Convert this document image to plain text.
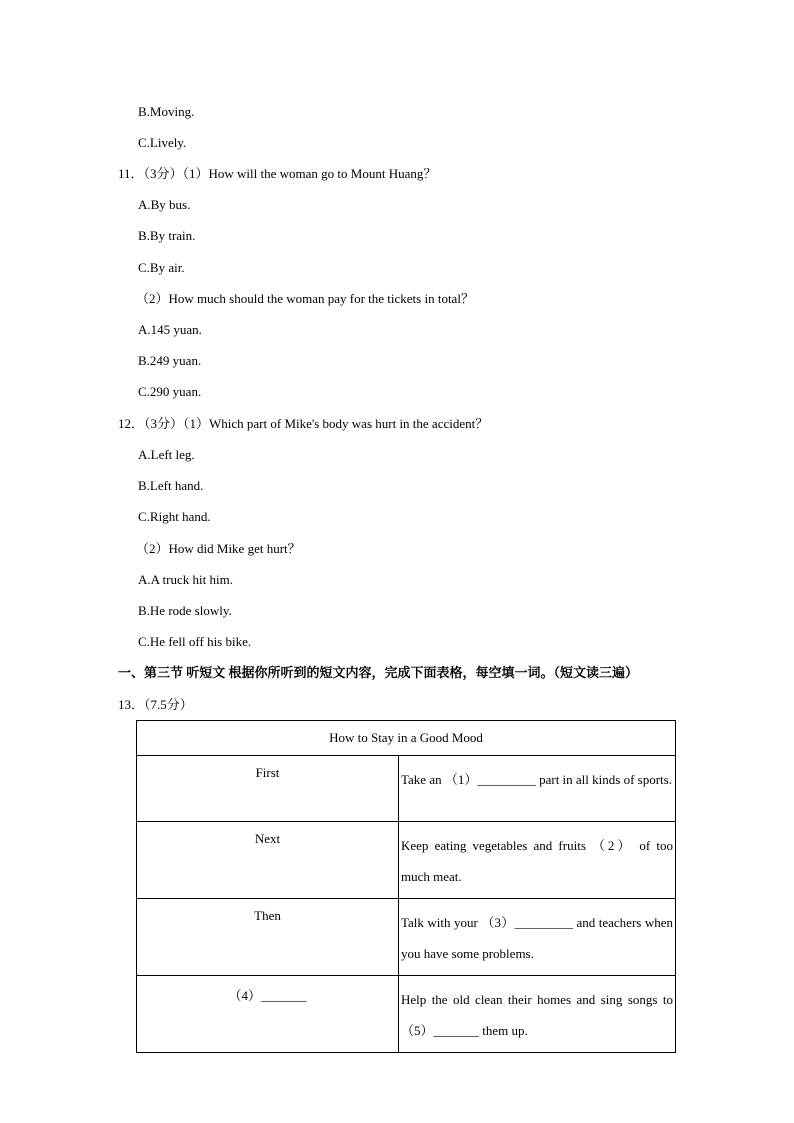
B.Moving.
C.Lively.
11．（3分）（1）How will the woman go to Mount Huang？
A.By bus.
B.By train.
C.By air.
（2）How much should the woman pay for the tickets in total？
A.145 yuan.
B.249 yuan.
C.290 yuan.
12．（3分）（1）Which part of Mike's body was hurt in the accident？
A.Left leg.
B.Left hand.
C.Right hand.
（2）How did Mike get hurt？
A.A truck hit him.
B.He rode slowly.
C.He fell off his bike.
一、第三节 听短文 根据你所听到的短文内容，完成下面表格，每空填一词。（短文读三遍）
13．（7.5分）
How to Stay in a Good Mood	
First	Take an （1）_________ part in all kinds of sports.
Next	Keep eating vegetables and fruits （2） of too much meat.
Then	Talk with your （3）_________ and teachers when you have some problems.
（4）_______	Help the old clean their homes and sing songs to （5）_______ them up.
